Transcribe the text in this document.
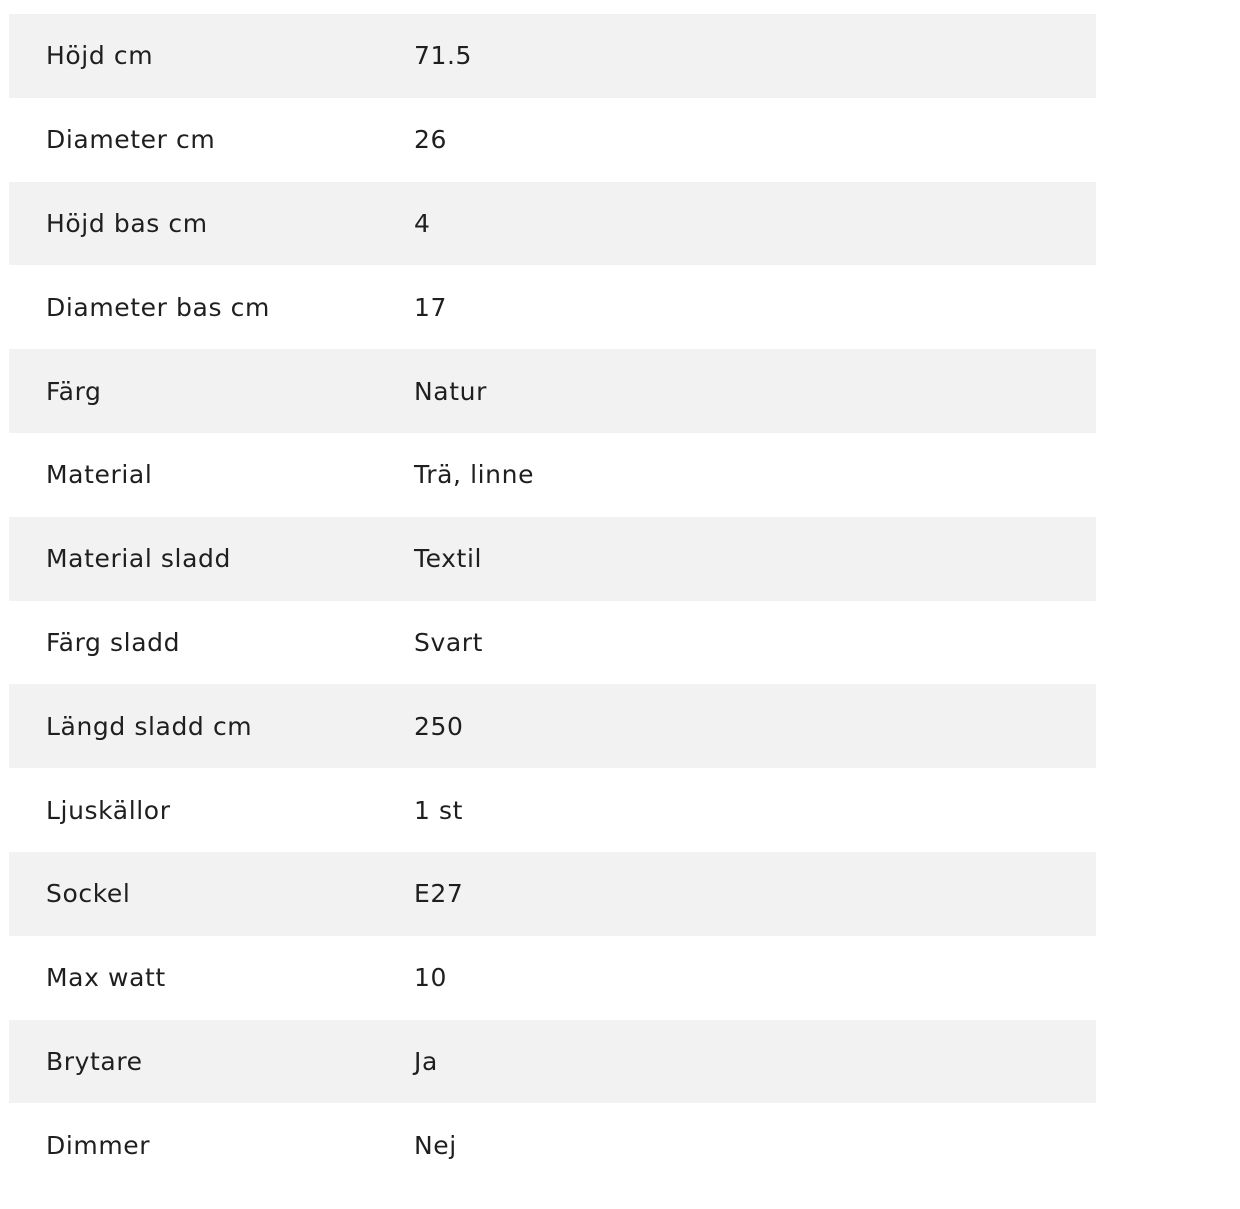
Höjd cm	71.5
Diameter cm	26
Höjd bas cm	4
Diameter bas cm	17
Färg	Natur
Material	Trä, linne
Material sladd	Textil
Färg sladd	Svart
Längd sladd cm	250
Ljuskällor	1 st
Sockel	E27
Max watt	10
Brytare	Ja
Dimmer	Nej
